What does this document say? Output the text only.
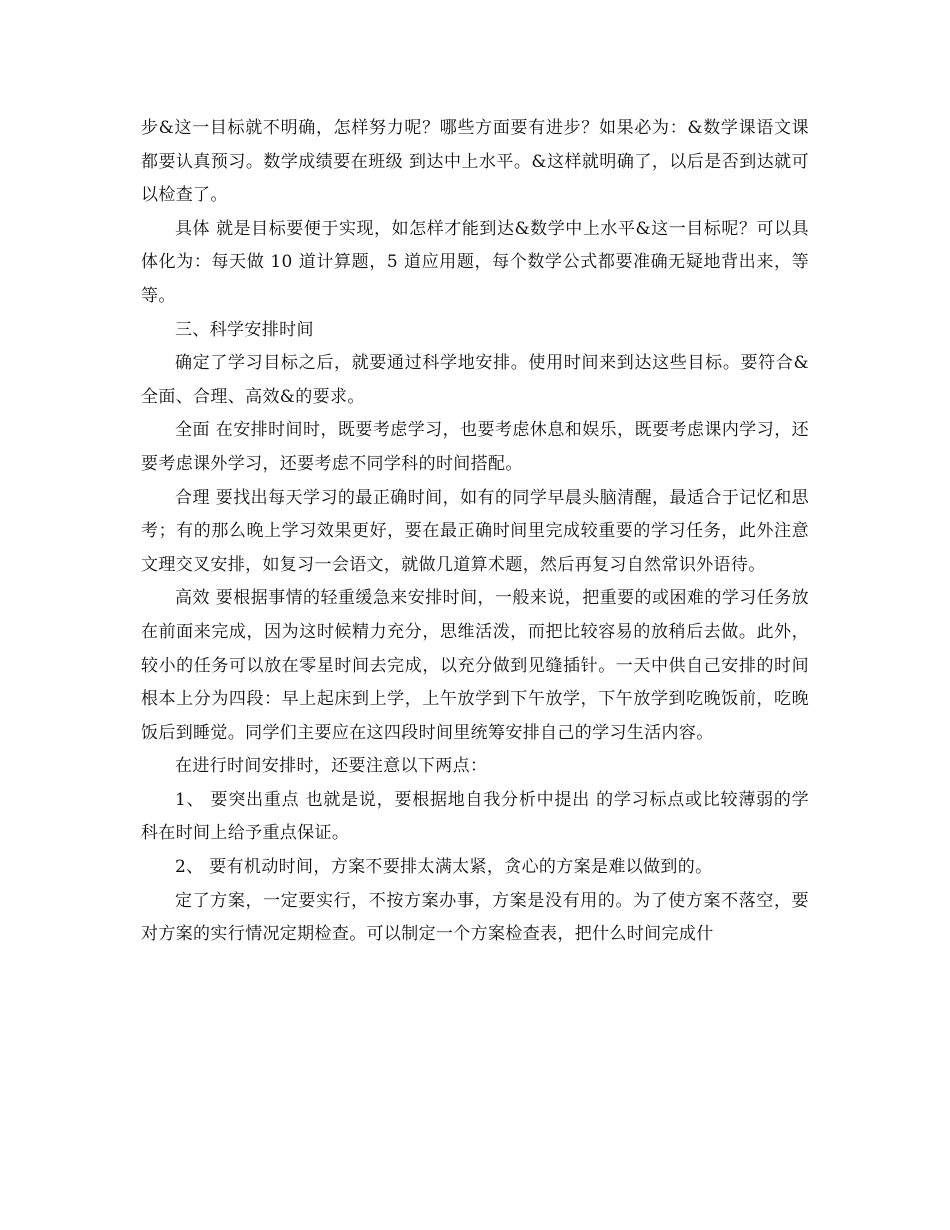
步&这一目标就不明确，怎样努力呢？哪些方面要有进步？如果必为：&数学课语文课都要认真预习。数学成绩要在班级 到达中上水平。&这样就明确了，以后是否到达就可以检查了。

具体 就是目标要便于实现，如怎样才能到达&数学中上水平&这一目标呢？可以具体化为：每天做 10 道计算题，5 道应用题，每个数学公式都要准确无疑地背出来，等等。

三、科学安排时间

确定了学习目标之后，就要通过科学地安排。使用时间来到达这些目标。要符合&全面、合理、高效&的要求。

全面 在安排时间时，既要考虑学习，也要考虑休息和娱乐，既要考虑课内学习，还要考虑课外学习，还要考虑不同学科的时间搭配。

合理 要找出每天学习的最正确时间，如有的同学早晨头脑清醒，最适合于记忆和思考；有的那么晚上学习效果更好，要在最正确时间里完成较重要的学习任务，此外注意文理交叉安排，如复习一会语文，就做几道算术题，然后再复习自然常识外语待。

高效 要根据事情的轻重缓急来安排时间，一般来说，把重要的或困难的学习任务放在前面来完成，因为这时候精力充分，思维活泼，而把比较容易的放稍后去做。此外，较小的任务可以放在零星时间去完成，以充分做到见缝插针。一天中供自己安排的时间根本上分为四段：早上起床到上学，上午放学到下午放学，下午放学到吃晚饭前，吃晚饭后到睡觉。同学们主要应在这四段时间里统筹安排自己的学习生活内容。

在进行时间安排时，还要注意以下两点：

1、 要突出重点 也就是说，要根据地自我分析中提出 的学习标点或比较薄弱的学科在时间上给予重点保证。

2、 要有机动时间，方案不要排太满太紧，贪心的方案是难以做到的。

定了方案，一定要实行，不按方案办事，方案是没有用的。为了使方案不落空，要对方案的实行情况定期检查。可以制定一个方案检查表，把什么时间完成什
